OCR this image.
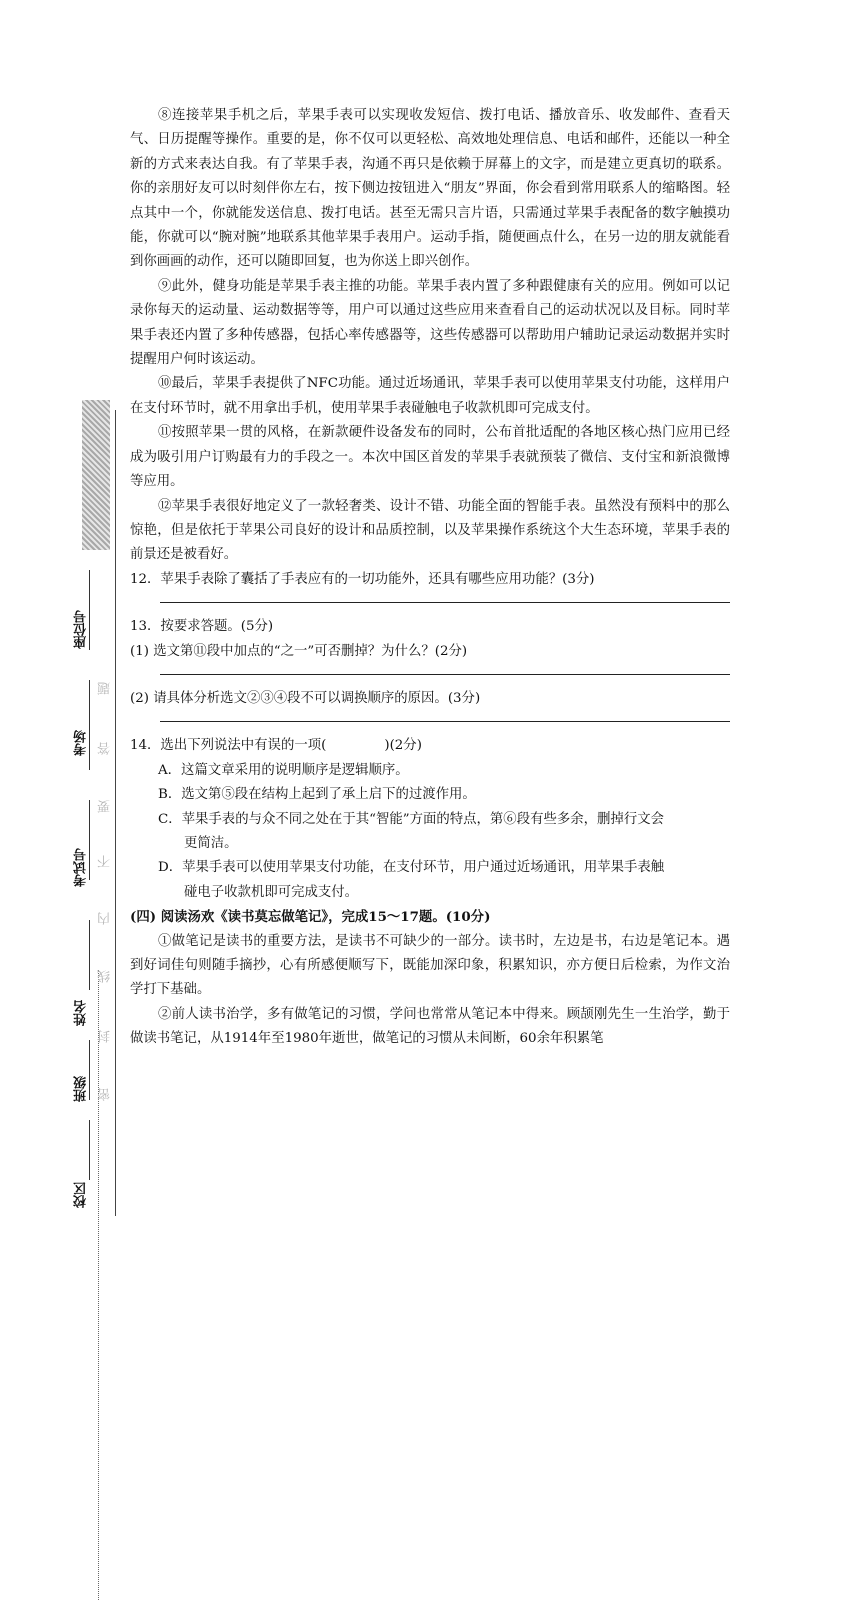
⑧连接苹果手机之后，苹果手表可以实现收发短信、拨打电话、播放音乐、收发邮件、查看天气、日历提醒等操作。重要的是，你不仅可以更轻松、高效地处理信息、电话和邮件，还能以一种全新的方式来表达自我。有了苹果手表，沟通不再只是依赖于屏幕上的文字，而是建立更真切的联系。你的亲朋好友可以时刻伴你左右，按下侧边按钮进入“朋友”界面，你会看到常用联系人的缩略图。轻点其中一个，你就能发送信息、拨打电话。甚至无需只言片语，只需通过苹果手表配备的数字触摸功能，你就可以“腕对腕”地联系其他苹果手表用户。运动手指，随便画点什么，在另一边的朋友就能看到你画画的动作，还可以随即回复，也为你送上即兴创作。

⑨此外，健身功能是苹果手表主推的功能。苹果手表内置了多种跟健康有关的应用。例如可以记录你每天的运动量、运动数据等等，用户可以通过这些应用来查看自己的运动状况以及目标。同时苹果手表还内置了多种传感器，包括心率传感器等，这些传感器可以帮助用户辅助记录运动数据并实时提醒用户何时该运动。

⑩最后，苹果手表提供了NFC功能。通过近场通讯，苹果手表可以使用苹果支付功能，这样用户在支付环节时，就不用拿出手机，使用苹果手表碰触电子收款机即可完成支付。

⑪按照苹果一贯的风格，在新款硬件设备发布的同时，公布首批适配的各地区核心热门应用已经成为吸引用户订购最有力的手段之一。本次中国区首发的苹果手表就预装了微信、支付宝和新浪微博等应用。

⑫苹果手表很好地定义了一款轻奢类、设计不错、功能全面的智能手表。虽然没有预料中的那么惊艳，但是依托于苹果公司良好的设计和品质控制，以及苹果操作系统这个大生态环境，苹果手表的前景还是被看好。

12．苹果手表除了囊括了手表应有的一切功能外，还具有哪些应用功能？(3分)

13．按要求答题。(5分)

(1) 选文第⑪段中加点的“之一”可否删掉？为什么？(2分)

(2) 请具体分析选文②③④段不可以调换顺序的原因。(3分)

14．选出下列说法中有误的一项(	)(2分)

A．这篇文章采用的说明顺序是逻辑顺序。

B．选文第⑤段在结构上起到了承上启下的过渡作用。

C．苹果手表的与众不同之处在于其“智能”方面的特点，第⑥段有些多余，删掉行文会
更简洁。

D．苹果手表可以使用苹果支付功能，在支付环节，用户通过近场通讯，用苹果手表触
碰电子收款机即可完成支付。

(四) 阅读汤欢《读书莫忘做笔记》，完成15～17题。(10分)

①做笔记是读书的重要方法，是读书不可缺少的一部分。读书时，左边是书，右边是笔记本。遇到好词佳句则随手摘抄，心有所感便顺写下，既能加深印象，积累知识，亦方便日后检索，为作文治学打下基础。

②前人读书治学，多有做笔记的习惯，学问也常常从笔记本中得来。顾颉刚先生一生治学，勤于做读书笔记，从1914年至1980年逝世，做笔记的习惯从未间断，60余年积累笔

座位号
考场
考试号
姓名
班级
校区
题
答
要
不
内
线
封
密
